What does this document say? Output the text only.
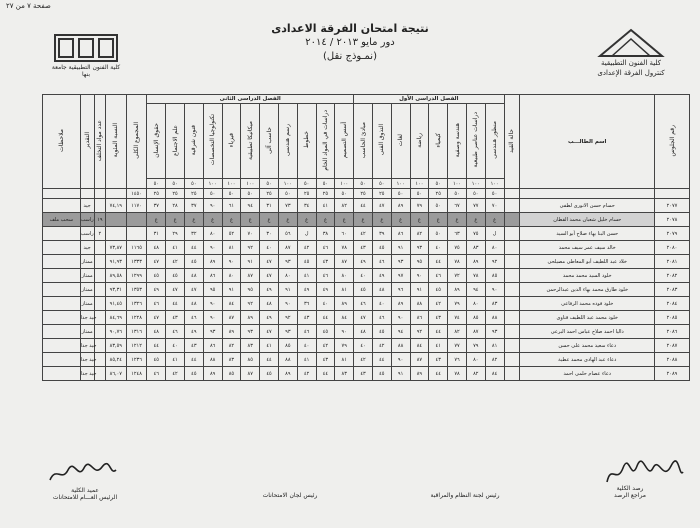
صفحة ٧ من ٢٧
كلية الفنون التطبيقية جامعة بنها
نتيجة امتحان الفرقة الاعدادى
دور مايو ٢٠١٣ / ٢٠١٤
(نمـوذج نقل)
كلية الفنون التطبيقية
كنترول الفرقة الإعدادى
ملاحظات	التقدير	عدد مواد التخلف	النسبة المئوية	المجموع الكلى	الفصل الدراسى الثانى											الفصل الدراسى الأول								حالة القيد	اسم الطالـــب	رقم الجلوس
					حقوق الإنسان	علم الاجتماع	فنون شرقية	تكنولوجيا التخصصات	فيزياء	ميكانيكا تطبيقية	حاسب آلى	رسم هندسى	خطوط	دراسات في المواد الخام	أسس التصميم	مبادئ الحاسب	التذوق الفنى	لغات	رياضة	كيمياء	هندسة وصفية	دراسات عناصر طبيعية	منظور هـندسى			
					٥٠	٥٠	٥٠	١٠٠	١٠٠	١٠٠	٥٠	١٠٠	٥٠	٥٠	١٠٠	٥٠	٥٠	١٠٠	١٠٠	٥٠	١٠٠	١٠٠	١٠٠			
				١٤٥٠	٢٥	٢٥	٢٥	٥٠	٥٠	٥٠	٢٥	٥٠	٢٥	٢٥	٥٠	٢٥	٢٥	٥٠	٥٠	٢٥	٥٠	٥٠	٥٠			
	جيد		٧٤,١٩	١١٧٠	٣٧	٢٨	٣٧	٩٠	٦١	٩٤	٣١	٧٣	٣٤	٤١	٨٢	٤٤	٤٧	٨٩	٧٩	٥٠	٦٧	٧٧	٧٠		حسام حسن الانورى لطفى	٢٠٧٧
سحب ملف	راسب	١٩			غ	غ	غ	غ	غ	غ	غ	غ	غ	غ	غ	غ	غ	غ	غ	غ	غ	غ	غ		حسام خليل شعبان محمد القطان	٢٠٧٨
	راسب	٢			٣١	٢٩	٣٢	٨٠	٥٢	٧٠	٣٠	٥٦	ل	٣٨	٦٠	٤٢	٣٩	٨٦	٨٢	٥٠	٦٣	٧٥	ل		حسن البنا بهاء صلاح أبو السيد	٢٠٧٩
	جيد		٧٣,٨٧	١١٦٥	٤٨	٤١	٤٤	٩٠	٨١	٩٢	٤٠	٨٧	٤٢	٤٦	٧٨	٤٣	٤٥	٩١	٩٣	٤٠	٧٥	٨٣	٨٠		خالد سيف عمر سيف محمد	٢٠٨٠
	ممتاز		٩١,٩٣	١٣٣٣	٤٧	٤٢	٤٥	٨٩	٩٠	٩١	٤٧	٩٣	٤٥	٤٣	٨٧	٤٩	٤٦	٩٣	٩٥	٤٤	٧٨	٨٩	٩٢		خلاد عبد اللطيف أبو المعاطى مصيلحى	٢٠٨١
	ممتاز		٨٩,٥٨	١٢٩٩	٤٥	٤٥	٤٨	٨٦	٨٠	٨٧	٤٧	٨٠	٤١	٤٦	٨٠	٤٠	٤٩	٩٧	٩٠	٤٦	٧٢	٧٨	٨٥		خلود السيد محمد محمد	٢٠٨٢
	ممتاز		٩٣,٣١	١٣٥٣	٤٩	٤٧	٤٧	٩٥	٩١	٩٥	٤٩	٩١	٤٩	٤٩	٨١	٤٥	٤٨	٩٦	٩١	٤٥	٨٩	٩٤	٩٠		خلود طارق محمد بهاء الدين عبدالرحمن	٢٠٨٣
	ممتاز		٩١,٤٥	١٣٢٦	٤٦	٤٤	٤٨	٩٠	٨٤	٩٢	٤٨	٩٠	٣٦	٤٠	٨٩	٤٦	٤٠	٨٩	٨٨	٤٢	٧٩	٨٠	٨٣		خلود فوده محمد الرفاعى	٢٠٨٤
	جيد جدا		٨٤,٦٩	١٢٢٨	٤٧	٤٣	٤٦	٩٠	٨٧	٨٩	٤٩	٩٢	٤٣	٤٤	٨٤	٤٧	٤٦	٩٠	٨٦	٤٣	٧٤	٨٥	٨٨		خلود محمد عبد اللطيف قناوى	٢٠٨٥
	ممتاز		٩٠,٧٦	١٣١٦	٤٨	٤٦	٤٩	٩٣	٨٩	٩٣	٤٧	٩٣	٤٦	٤٥	٩٠	٤٨	٤٥	٩٤	٩٢	٤٤	٨٢	٨٧	٩٣		داليا احمد صلاح عباس احمد البرعى	٢٠٨٦
	جيد جدا		٨٣,٥٩	١٢١٢	٤٤	٤٠	٤٣	٨٦	٨٢	٨٣	٤١	٨٥	٤٠	٤٢	٧٩	٤٠	٤٢	٨٨	٨٤	٤١	٧٧	٧٩	٨١		دعاء سعيد محمد على حسن	٢٠٨٧
	جيد جدا		٨٥,٢٤	١٢٣٦	٤٥	٤١	٤٤	٨٨	٨٣	٨٥	٤٤	٨٨	٤١	٤٣	٨١	٤٢	٤٤	٩٠	٨٧	٤٣	٧٦	٨٠	٨٢		دعاء عبد الهادى محمد عطية	٢٠٨٨
	جيد جدا		٨٦,٠٧	١٢٤٨	٤٦	٤٢	٤٥	٨٩	٨٥	٨٧	٤٥	٨٩	٤٢	٤٤	٨٣	٤٣	٤٥	٩١	٨٩	٤٤	٧٨	٨٢	٨٤		دعاء عصام حلمى احمد	٢٠٨٩
عميد الكلية
الرئيس العـــام للامتحانات	رئيس لجان الامتحانات	رئيس لجنة النظام والمراقبة
رصد الكلية
مراجع الرصد
